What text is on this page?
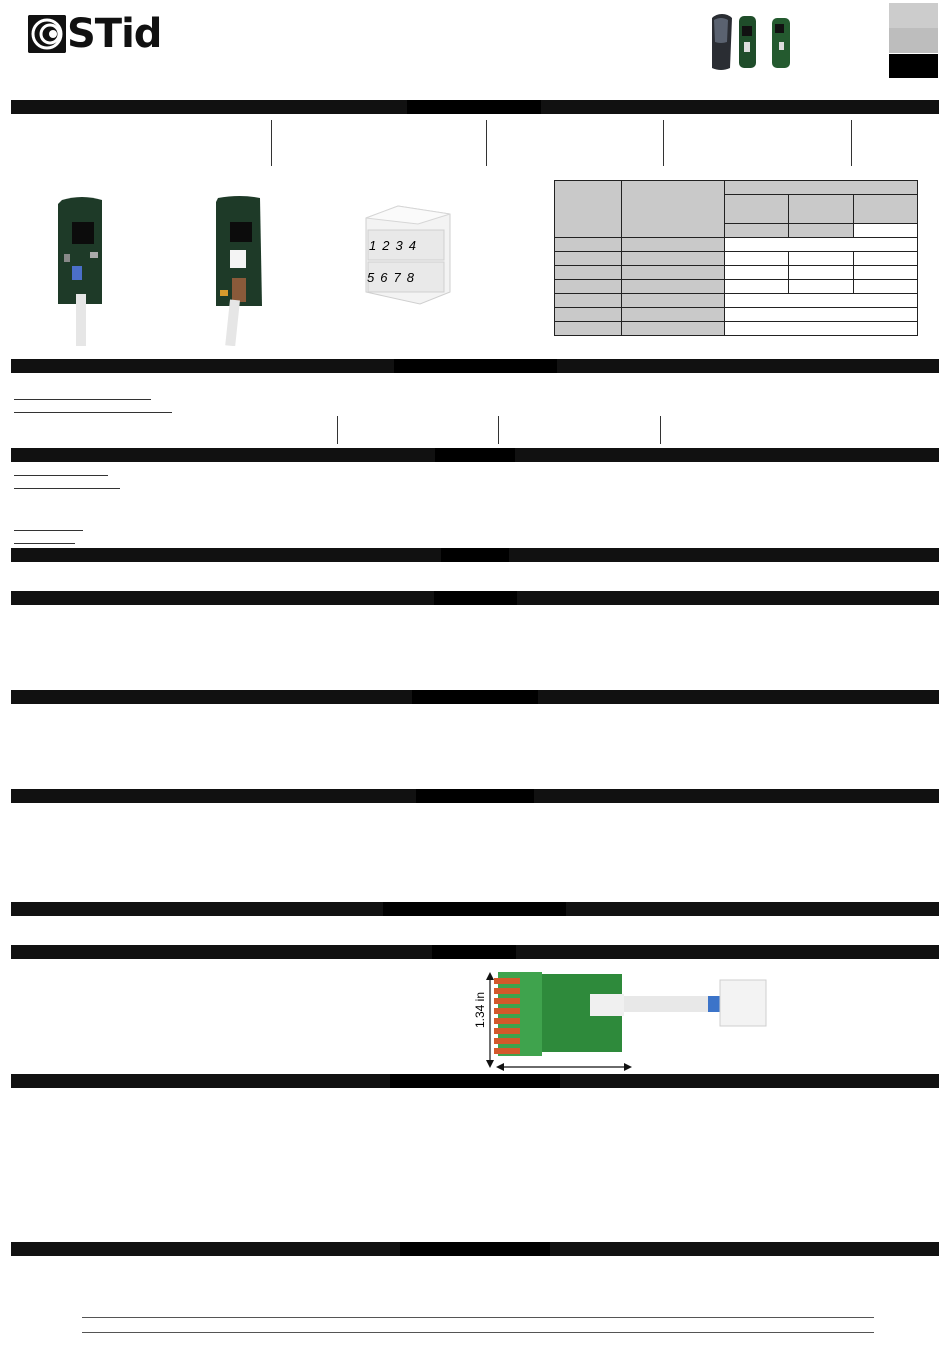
STid
1234
5678

1.34 in
